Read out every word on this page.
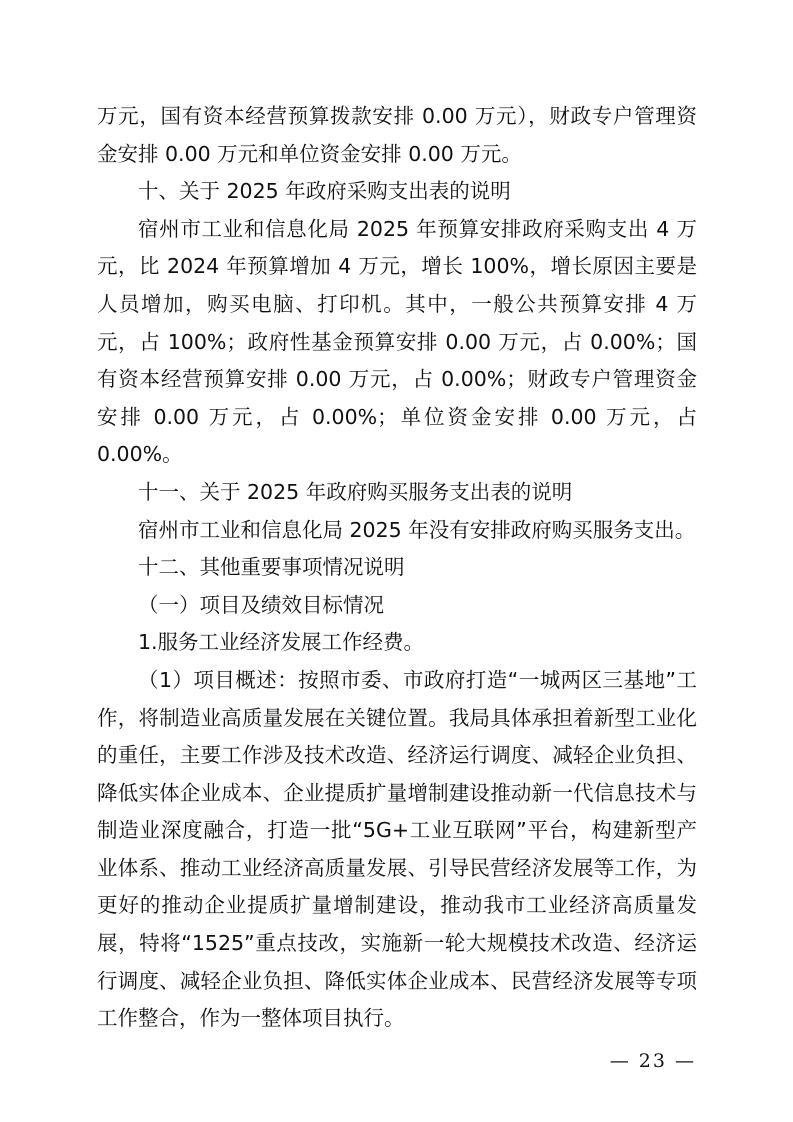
万元，国有资本经营预算拨款安排 0.00 万元），财政专户管理资金安排 0.00 万元和单位资金安排 0.00 万元。

十、关于 2025 年政府采购支出表的说明

宿州市工业和信息化局 2025 年预算安排政府采购支出 4 万元，比 2024 年预算增加 4 万元，增长 100%，增长原因主要是人员增加，购买电脑、打印机。其中，一般公共预算安排 4 万元，占 100%；政府性基金预算安排 0.00 万元，占 0.00%；国有资本经营预算安排 0.00 万元，占 0.00%；财政专户管理资金安排 0.00 万元，占 0.00%；单位资金安排 0.00 万元，占 0.00%。

十一、关于 2025 年政府购买服务支出表的说明

宿州市工业和信息化局 2025 年没有安排政府购买服务支出。

十二、其他重要事项情况说明

（一）项目及绩效目标情况

1.服务工业经济发展工作经费。

（1）项目概述：按照市委、市政府打造“一城两区三基地”工作，将制造业高质量发展在关键位置。我局具体承担着新型工业化的重任，主要工作涉及技术改造、经济运行调度、减轻企业负担、降低实体企业成本、企业提质扩量增制建设推动新一代信息技术与制造业深度融合，打造一批“5G+工业互联网”平台，构建新型产业体系、推动工业经济高质量发展、引导民营经济发展等工作，为更好的推动企业提质扩量增制建设，推动我市工业经济高质量发展，特将“1525”重点技改，实施新一轮大规模技术改造、经济运行调度、减轻企业负担、降低实体企业成本、民营经济发展等专项工作整合，作为一整体项目执行。

— 23 —
